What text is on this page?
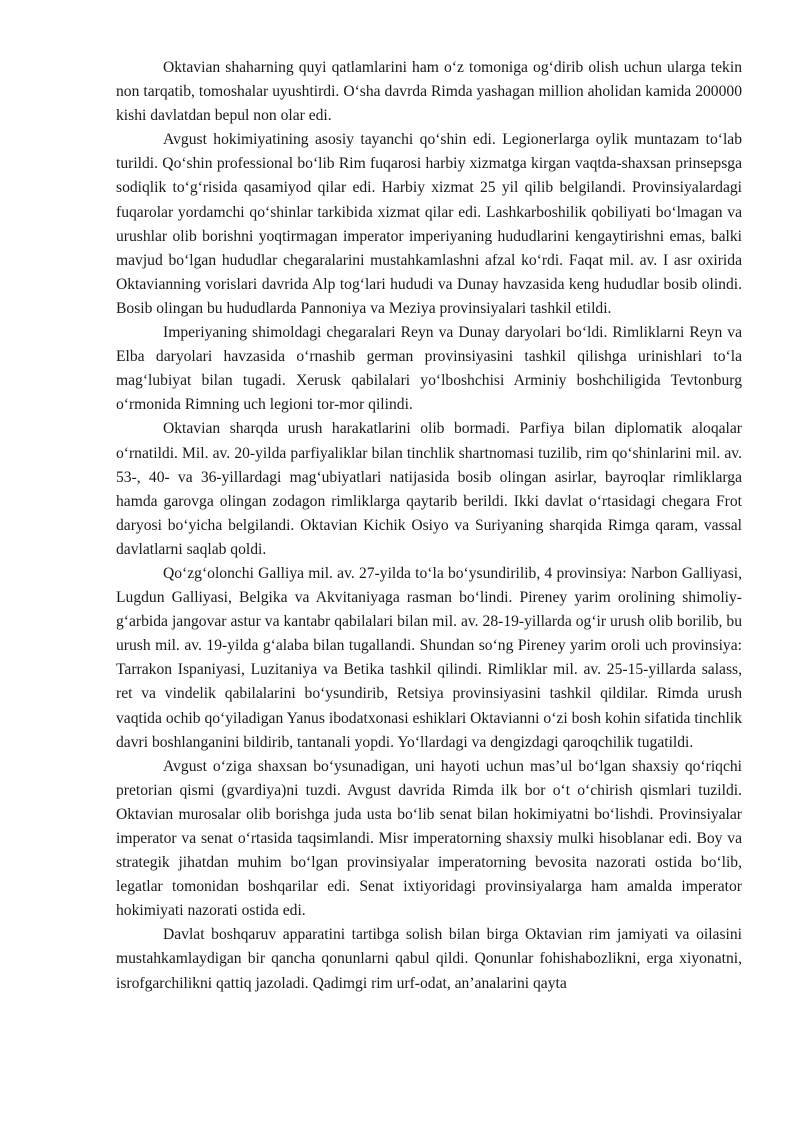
Oktavian shaharning quyi qatlamlarini ham o‘z tomoniga og‘dirib olish uchun ularga tekin non tarqatib, tomoshalar uyushtirdi. O‘sha davrda Rimda yashagan million aholidan kamida 200000 kishi davlatdan bepul non olar edi.

Avgust hokimiyatining asosiy tayanchi qo‘shin edi. Legionerlarga oylik muntazam to‘lab turildi. Qo‘shin professional bo‘lib Rim fuqarosi harbiy xizmatga kirgan vaqtda-shaxsan prinsepsga sodiqlik to‘g‘risida qasamiyod qilar edi. Harbiy xizmat 25 yil qilib belgilandi. Provinsiyalardagi fuqarolar yordamchi qo‘shinlar tarkibida xizmat qilar edi. Lashkarboshilik qobiliyati bo‘lmagan va urushlar olib borishni yoqtirmagan imperator imperiyaning hududlarini kengaytirishni emas, balki mavjud bo‘lgan hududlar chegaralarini mustahkamlashni afzal ko‘rdi. Faqat mil. av. I asr oxirida Oktavianning vorislari davrida Alp tog‘lari hududi va Dunay havzasida keng hududlar bosib olindi. Bosib olingan bu hududlarda Pannoniya va Meziya provinsiyalari tashkil etildi.

Imperiyaning shimoldagi chegaralari Reyn va Dunay daryolari bo‘ldi. Rimliklarni Reyn va Elba daryolari havzasida o‘rnashib german provinsiyasini tashkil qilishga urinishlari to‘la mag‘lubiyat bilan tugadi. Xerusk qabilalari yo‘lboshchisi Arminiy boshchiligida Tevtonburg o‘rmonida Rimning uch legioni tor-mor qilindi.

Oktavian sharqda urush harakatlarini olib bormadi. Parfiya bilan diplomatik aloqalar o‘rnatildi. Mil. av. 20-yilda parfiyaliklar bilan tinchlik shartnomasi tuzilib, rim qo‘shinlarini mil. av. 53-, 40- va 36-yillardagi mag‘ubiyatlari natijasida bosib olingan asirlar, bayroqlar rimliklarga hamda garovga olingan zodagon rimliklarga qaytarib berildi. Ikki davlat o‘rtasidagi chegara Frot daryosi bo‘yicha belgilandi. Oktavian Kichik Osiyo va Suriyaning sharqida Rimga qaram, vassal davlatlarni saqlab qoldi.

Qo‘zg‘olonchi Galliya mil. av. 27-yilda to‘la bo‘ysundirilib, 4 provinsiya: Narbon Galliyasi, Lugdun Galliyasi, Belgika va Akvitaniyaga rasman bo‘lindi. Pireney yarim orolining shimoliy-g‘arbida jangovar astur va kantabr qabilalari bilan mil. av. 28-19-yillarda og‘ir urush olib borilib, bu urush mil. av. 19-yilda g‘alaba bilan tugallandi. Shundan so‘ng Pireney yarim oroli uch provinsiya: Tarrakon Ispaniyasi, Luzitaniya va Betika tashkil qilindi. Rimliklar mil. av. 25-15-yillarda salass, ret va vindelik qabilalarini bo‘ysundirib, Retsiya provinsiyasini tashkil qildilar. Rimda urush vaqtida ochib qo‘yiladigan Yanus ibodatxonasi eshiklari Oktavianni o‘zi bosh kohin sifatida tinchlik davri boshlanganini bildirib, tantanali yopdi. Yo‘llardagi va dengizdagi qaroqchilik tugatildi.

Avgust o‘ziga shaxsan bo‘ysunadigan, uni hayoti uchun mas’ul bo‘lgan shaxsiy qo‘riqchi pretorian qismi (gvardiya)ni tuzdi. Avgust davrida Rimda ilk bor o‘t o‘chirish qismlari tuzildi. Oktavian murosalar olib borishga juda usta bo‘lib senat bilan hokimiyatni bo‘lishdi. Provinsiyalar imperator va senat o‘rtasida taqsimlandi. Misr imperatorning shaxsiy mulki hisoblanar edi. Boy va strategik jihatdan muhim bo‘lgan provinsiyalar imperatorning bevosita nazorati ostida bo‘lib, legatlar tomonidan boshqarilar edi. Senat ixtiyoridagi provinsiyalarga ham amalda imperator hokimiyati nazorati ostida edi.

Davlat boshqaruv apparatini tartibga solish bilan birga Oktavian rim jamiyati va oilasini mustahkamlaydigan bir qancha qonunlarni qabul qildi. Qonunlar fohishabozlikni, erga xiyonatni, isrofgarchilikni qattiq jazoladi. Qadimgi rim urf-odat, an’analarini qayta
